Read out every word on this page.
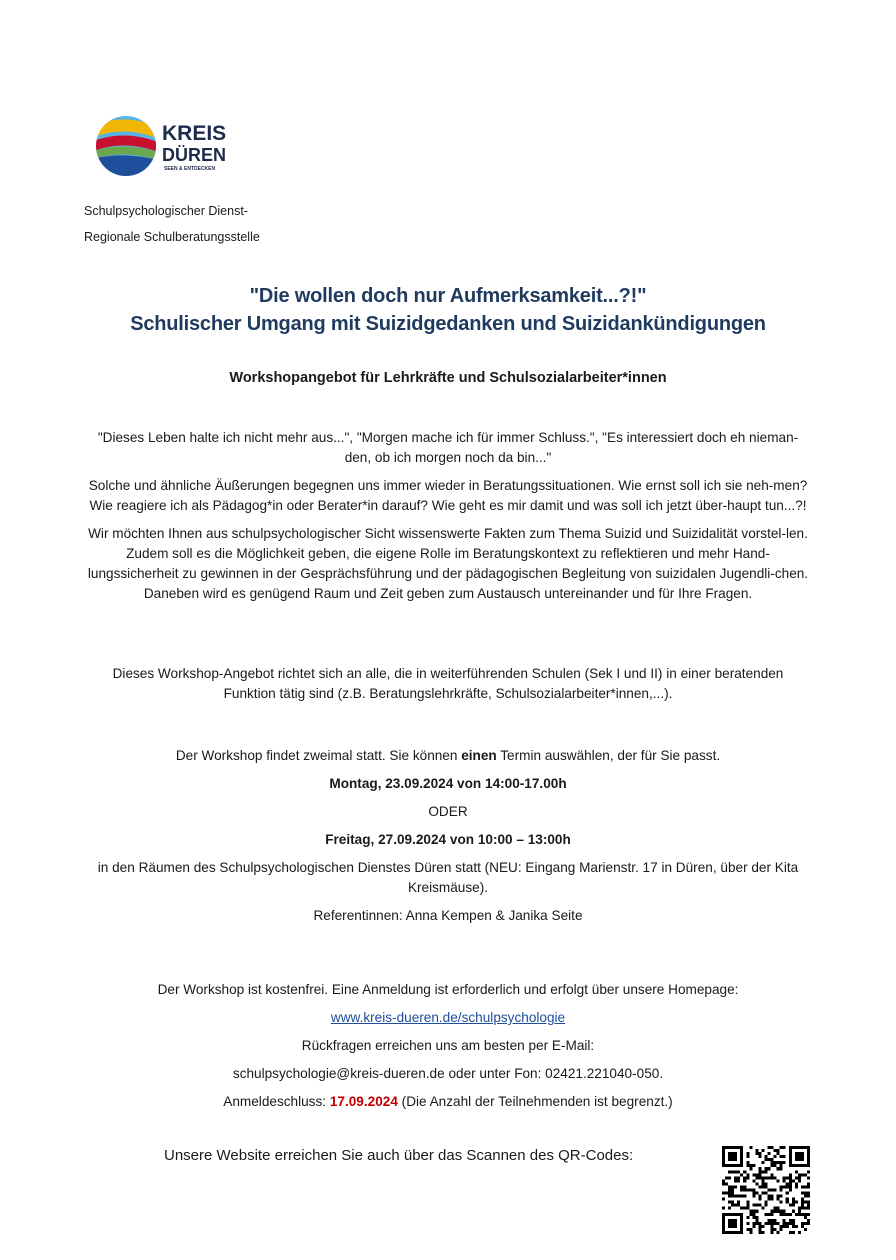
KREIS
DÜREN
SEEN & ENTDECKEN
Schulpsychologischer Dienst-
Regionale Schulberatungsstelle
"Die wollen doch nur Aufmerksamkeit...?!"
Schulischer Umgang mit Suizidgedanken und Suizidankündigungen
Workshopangebot für Lehrkräfte und Schulsozialarbeiter*innen

"Dieses Leben halte ich nicht mehr aus...", "Morgen mache ich für immer Schluss.", "Es interessiert doch eh nieman-den, ob ich morgen noch da bin..."

Solche und ähnliche Äußerungen begegnen uns immer wieder in Beratungssituationen. Wie ernst soll ich sie neh-men? Wie reagiere ich als Pädagog*in oder Berater*in darauf? Wie geht es mir damit und was soll ich jetzt über-haupt tun...?!

Wir möchten Ihnen aus schulpsychologischer Sicht wissenswerte Fakten zum Thema Suizid und Suizidalität vorstel-len. Zudem soll es die Möglichkeit geben, die eigene Rolle im Beratungskontext zu reflektieren und mehr Hand-lungssicherheit zu gewinnen in der Gesprächsführung und der pädagogischen Begleitung von suizidalen Jugendli-chen. Daneben wird es genügend Raum und Zeit geben zum Austausch untereinander und für Ihre Fragen.

Dieses Workshop-Angebot richtet sich an alle, die in weiterführenden Schulen (Sek I und II) in einer beratenden Funktion tätig sind (z.B. Beratungslehrkräfte, Schulsozialarbeiter*innen,...).

Der Workshop findet zweimal statt. Sie können einen Termin auswählen, der für Sie passt.

Montag, 23.09.2024 von 14:00-17.00h

ODER

Freitag, 27.09.2024 von 10:00 – 13:00h

in den Räumen des Schulpsychologischen Dienstes Düren statt (NEU: Eingang Marienstr. 17 in Düren, über der Kita Kreismäuse).

Referentinnen: Anna Kempen & Janika Seite

Der Workshop ist kostenfrei. Eine Anmeldung ist erforderlich und erfolgt über unsere Homepage:

www.kreis-dueren.de/schulpsychologie

Rückfragen erreichen uns am besten per E-Mail:

schulpsychologie@kreis-dueren.de oder unter Fon: 02421.221040-050.

Anmeldeschluss: 17.09.2024 (Die Anzahl der Teilnehmenden ist begrenzt.)

Unsere Website erreichen Sie auch über das Scannen des QR-Codes:
